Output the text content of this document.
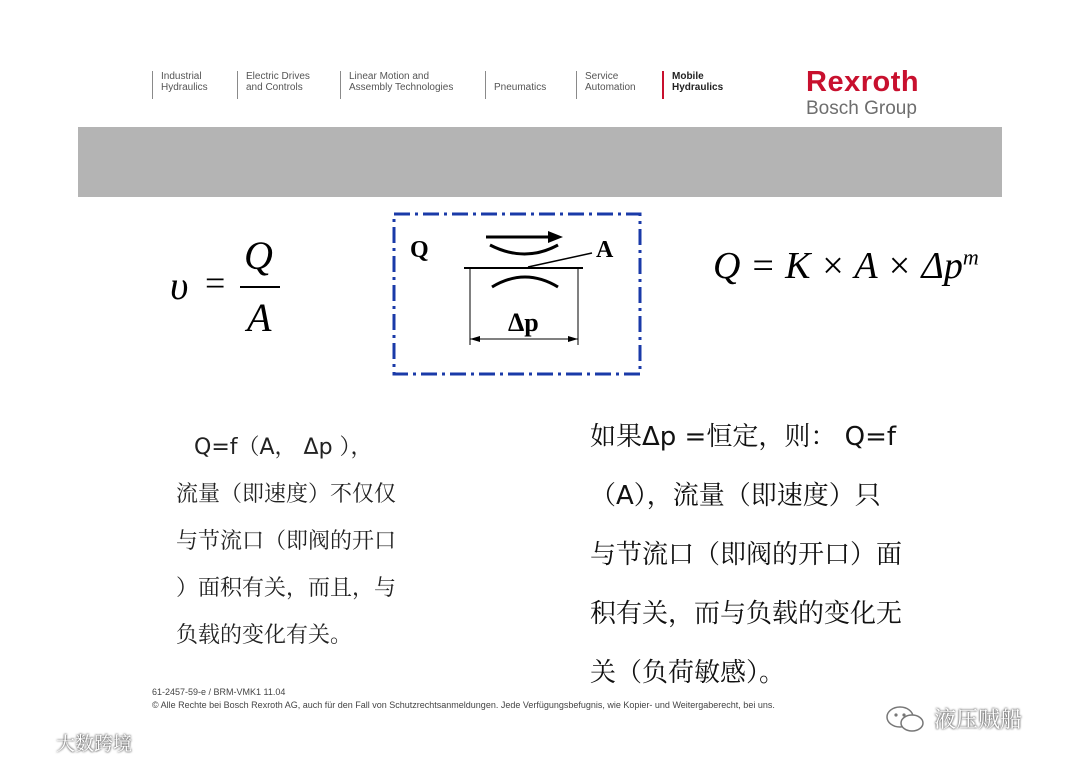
Industrial
Hydraulics
Electric Drives
and Controls
Linear Motion and
Assembly Technologies	
Pneumatics
Service
Automation
Mobile
Hydraulics	Rexroth
Bosch Group
υ =
Q
A
Q	A
Δp
$Q = K \times A \times \Delta p^m$
Q=f（A， Δp ），
流量（即速度）不仅仅
与节流口（即阀的开口
）面积有关，而且，与
负载的变化有关。
如果Δp =恒定，则： Q=f
（A），流量（即速度）只
与节流口（即阀的开口）面
积有关，而与负载的变化无
关（负荷敏感）。
61-2457-59-e / BRM-VMK1 11.04
© Alle Rechte bei Bosch Rexroth AG, auch für den Fall von Schutzrechtsanmeldungen. Jede Verfügungsbefugnis, wie Kopier- und Weitergaberecht, bei uns.
大数跨境
液压贼船
